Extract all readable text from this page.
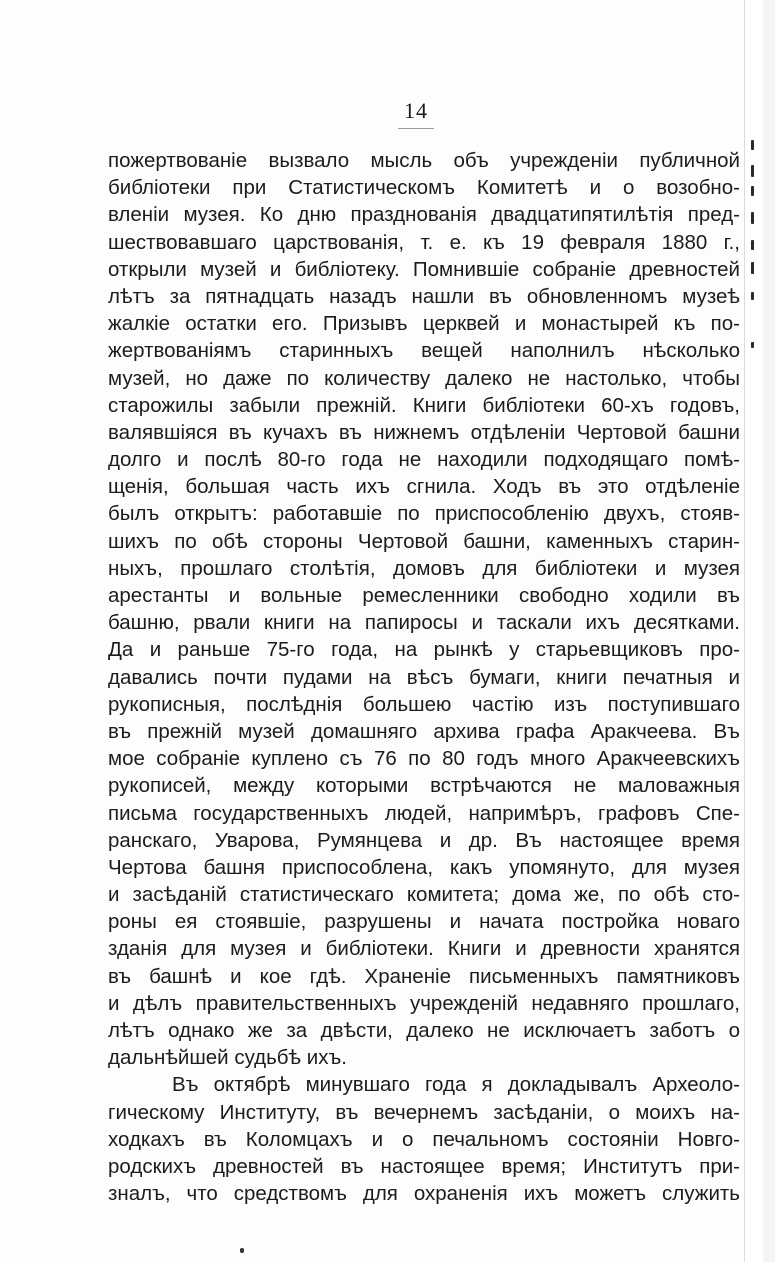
14
пожертвованіе вызвало мысль объ учрежденіи публичной
библіотеки при Статистическомъ Комитетѣ и о возобно-
вленіи музея. Ко дню празднованія двадцатипятилѣтія пред-
шествовавшаго царствованія, т. е. къ 19 февраля 1880 г.,
открыли музей и библіотеку. Помнившіе собраніе древностей
лѣтъ за пятнадцать назадъ нашли въ обновленномъ музеѣ
жалкіе остатки его. Призывъ церквей и монастырей къ по-
жертвованіямъ старинныхъ вещей наполнилъ нѣсколько
музей, но даже по количеству далеко не настолько, чтобы
старожилы забыли прежній. Книги библіотеки 60-хъ годовъ,
валявшіяся въ кучахъ въ нижнемъ отдѣленіи Чертовой башни
долго и послѣ 80-го года не находили подходящаго помѣ-
щенія, большая часть ихъ сгнила. Ходъ въ это отдѣленіе
былъ открытъ: работавшіе по приспособленію двухъ, стояв-
шихъ по обѣ стороны Чертовой башни, каменныхъ старин-
ныхъ, прошлаго столѣтія, домовъ для библіотеки и музея
арестанты и вольные ремесленники свободно ходили въ
башню, рвали книги на папиросы и таскали ихъ десятками.
Да и раньше 75-го года, на рынкѣ у старьевщиковъ про-
давались почти пудами на вѣсъ бумаги, книги печатныя и
рукописныя, послѣднія большею частію изъ поступившаго
въ прежній музей домашняго архива графа Аракчеева. Въ
мое собраніе куплено съ 76 по 80 годъ много Аракчеевскихъ
рукописей, между которыми встрѣчаются не маловажныя
письма государственныхъ людей, напримѣръ, графовъ Спе-
ранскаго, Уварова, Румянцева и др. Въ настоящее время
Чертова башня приспособлена, какъ упомянуто, для музея
и засѣданій статистическаго комитета; дома же, по обѣ сто-
роны ея стоявшіе, разрушены и начата постройка новаго
зданія для музея и библіотеки. Книги и древности хранятся
въ башнѣ и кое гдѣ. Храненіе письменныхъ памятниковъ
и дѣлъ правительственныхъ учрежденій недавняго прошлаго,
лѣтъ однако же за двѣсти, далеко не исключаетъ заботъ о
дальнѣйшей судьбѣ ихъ.
Въ октябрѣ минувшаго года я докладывалъ Археоло-
гическому Институту, въ вечернемъ засѣданіи, о моихъ на-
ходкахъ въ Коломцахъ и о печальномъ состояніи Новго-
родскихъ древностей въ настоящее время; Институтъ при-
зналъ, что средствомъ для охраненія ихъ можетъ служить
